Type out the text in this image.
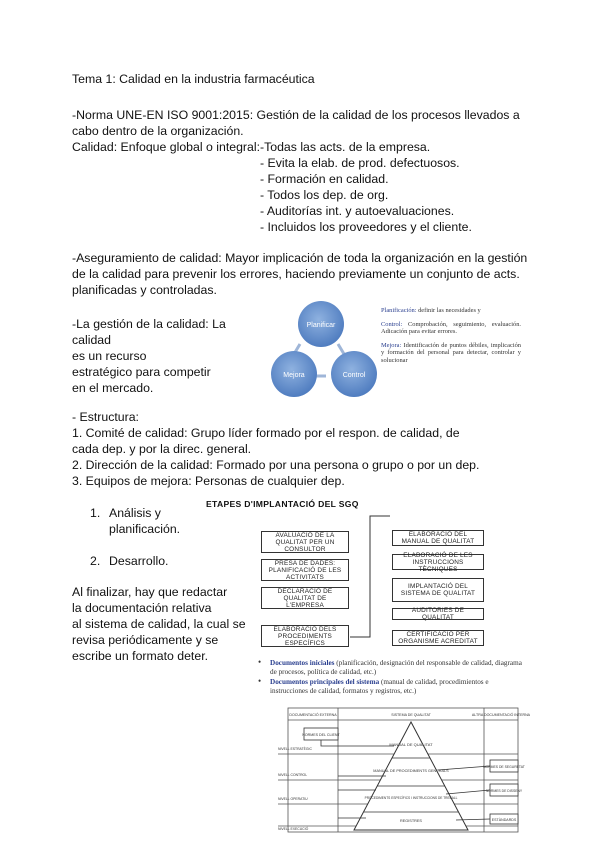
Tema 1: Calidad en la industria farmacéutica

-Norma UNE-EN ISO 9001:2015: Gestión de la calidad de los procesos llevados a

cabo dentro de la organización.

Calidad: Enfoque global o integral: -Todas las acts. de la empresa.

- Evita la elab. de prod. defectuosos.

- Formación en calidad.

- Todos los dep. de org.

- Auditorías int. y autoevaluaciones.

- Incluidos los proveedores y el cliente.

-Aseguramiento de calidad: Mayor implicación de toda la organización en la gestión

de la calidad para prevenir los errores, haciendo previamente un conjunto de acts.

planificadas y controladas.

-La gestión de la calidad: La

calidad

es un recurso

estratégico para competir

en el mercado.

Planificar
Mejora	Control
Planificación: definir las necesidades y
Control: Comprobación, seguimiento, evaluación. Adicación para evitar errores.
Mejora: Identificación de puntos débiles, implicación y formación del personal para detectar, controlar y solucionar

- Estructura:

1. Comité de calidad: Grupo líder formado por el respon. de calidad, de

cada dep. y por la direc. general.

2. Dirección de la calidad: Formado por una persona o grupo o por un dep.

3. Equipos de mejora: Personas de cualquier dep.

1. Análisis y

planificación.

2. Desarrollo.

Al finalizar, hay que redactar

la documentación relativa

al sistema de calidad, la cual se

revisa periódicamente y se

escribe un formato deter.

ETAPES D'IMPLANTACIÓ DEL SGQ
AVALUACIÓ DE LA QUALITAT PER UN CONSULTOR
PRESA DE DADES: PLANIFICACIÓ DE LES ACTIVITATS
DECLARACIÓ DE QUALITAT DE L'EMPRESA
ELABORACIÓ DELS PROCEDIMENTS ESPECÍFICS
ELABORACIÓ DEL MANUAL DE QUALITAT
ELABORACIÓ DE LES INSTRUCCIONS TÈCNIQUES
IMPLANTACIÓ DEL SISTEMA DE QUALITAT
AUDITORIES DE QUALITAT
CERTIFICACIÓ PER ORGANISME ACREDITAT
• Documentos iniciales (planificación, designación del responsable de calidad, diagrama de procesos, política de calidad, etc.)
• Documentos principales del sistema (manual de calidad, procedimientos e instrucciones de calidad, formatos y registros, etc.)
DOCUMENTACIÓ EXTERNA	SISTEMA DE QUALITAT	ALTRA DOCUMENTACIÓ INTERNA
MANUAL DE QUALITAT
MANUAL DE PROCEDIMENTS GENERALS
PROCEDIMENTS ESPECÍFICS I INSTRUCCIONS DE TREBALL
REGISTRES
NORMES DEL CLIENT
NORMES DE SEGURETAT
NORMES DE DISSENY
ESTÀNDARDS
NIVELL ESTRATÈGIC
NIVELL CONTROL
NIVELL OPERATIU
NIVELL EXECUCIÓ
